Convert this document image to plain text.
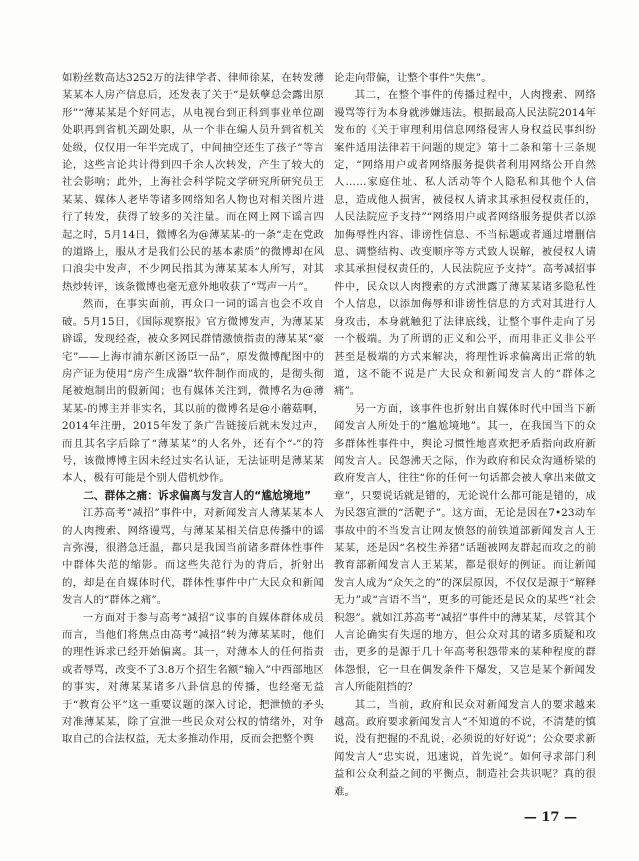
如粉丝数高达3252万的法律学者、律师徐某，在转发薄某某本人房产信息后，还发表了关于“是妖孽总会露出原形”“薄某某是个好同志，从电视台到正科到事业单位副处职再到省机关副处职，从一个非在编人员升到省机关处级，仅仅用一年半完成了，中间抽空还生了孩子”等言论，这些言论共计得到四千余人次转发，产生了较大的社会影响；此外，上海社会科学院文学研究所研究员王某某、媒体人老毕等诸多网络知名人物也对相关图片进行了转发，获得了较多的关注量。而在网上网下谣言四起之时，5月14日，微博名为@薄某某-的一条“走在党政的道路上，服从才是我们公民的基本素质”的微博却在风口浪尖中发声，不少网民指其为薄某某本人所写，对其热炒转评，该条微博也毫无意外地收获了“骂声一片”。

然而，在事实面前，再众口一词的谣言也会不攻自破。5月15日，《国际观察报》官方微博发声，为薄某某辟谣，发现经查，被众多网民群情激愤指责的薄某某“豪宅”——上海市浦东新区汤臣一品”，原发微博配图中的房产证为使用“房产生成器”软件制作而成的，是彻头彻尾被炮制出的假新闻；也有媒体关注到，微博名为@薄某某-的博主并非实名，其以前的微博名是@小蘑菇啊，2014年注册，2015年发了条广告链接后就未发过声，而且其名字后除了“薄某某”的人名外，还有个“-”的符号，该微博博主因未经过实名认证，无法证明是薄某某本人，极有可能是个别人借机炒作。

二、群体之痛：诉求偏离与发言人的“尴尬境地”

江苏高考“减招”事件中，对新闻发言人薄某某本人的人肉搜索、网络谩骂，与薄某某相关信息传播中的谣言弥漫，很潜急迁温，都只是我国当前诸多群体性事件中群体失范的缩影。而这些失范行为的背后，折射出的，却是在自媒体时代，群体性事件中广大民众和新闻发言人的“群体之痛”。

一方面对于参与高考“减招”议事的自媒体群体成员而言，当他们将焦点由高考“减招”转为薄某某时，他们的理性诉求已经开始偏离。其一，对薄本人的任何指责或者辱骂，改变不了3.8万个招生名额“输入”中西部地区的事实，对薄某某诸多八卦信息的传播，也经毫无益于“教育公平”这一重要议题的深入讨论，把泄愤的矛头对准薄某某，除了宣泄一些民众对公权的情绪外，对争取自己的合法权益，无太多推动作用，反而会把整个舆

论走向带偏，让整个事件“失焦”。

其二，在整个事件的传播过程中，人肉搜索、网络谩骂等行为本身就涉嫌违法。根据最高人民法院2014年发布的《关于审理利用信息网络侵害人身权益民事纠纷案件适用法律若干问题的规定》第十二条和第十三条规定，“网络用户或者网络服务提供者利用网络公开自然人……家庭住址、私人活动等个人隐私和其他个人信息，造成他人损害，被侵权人请求其承担侵权责任的，人民法院应予支持”“网络用户或者网络服务提供者以添加侮辱性内容、诽谤性信息、不当标题或者通过增删信息、调整结构、改变顺序等方式致人误解，被侵权人请求其承担侵权责任的，人民法院应予支持”。高考减招事件中，民众以人肉搜索的方式泄露了薄某某诸多隐私性个人信息，以添加侮辱和诽谤性信息的方式对其进行人身攻击，本身就触犯了法律底线，让整个事件走向了另一个极端。为了所谓的正义和公平，而用非正义非公平甚至是极端的方式来解决，将理性诉求偏离出正常的轨道，这不能不说是广大民众和新闻发言人的“群体之痛”。

另一方面，该事件也折射出自媒体时代中国当下新闻发言人所处于的“尴尬境地”。其一，在我国当下的众多群体性事件中，舆论习惯性地喜欢把矛盾指向政府新闻发言人。民怨沸天之际，作为政府和民众沟通桥梁的政府发言人，往往“你的任何一句话都会被人拿出来做文章”，只要说话就是错的，无论说什么都可能是错的，成为民怨宣泄的“活靶子”。这方面，无论是因在7•23动车事故中的不当发言让网友愤怒的前铁道部新闻发言人王某某，还是因“名校生养猪”话题被网友群起而攻之的前教育部新闻发言人王某某，都是很好的例证。而让新闻发言人成为“众矢之的”的深层原因，不仅仅是源于“解释无力”或“言语不当”，更多的可能还是民众的某些“社会积怨”。就如江苏高考“减招”事件中的薄某某，尽管其个人言论确实有失逞的地方，但公众对其的诸多质疑和攻击，更多的是源于几十年高考积怨带来的某种程度的群体怨恨，它一旦在偶发条件下爆发，又岂是某个新闻发言人所能阻挡的？

其二，当前，政府和民众对新闻发言人的要求越来越高。政府要求新闻发言人“不知道的不说，不清楚的慎说，没有把握的不乱说，必须说的好好说”；公众要求新闻发言人“忠实说，迅速说，首先说”。如何寻求部门利益和公众利益之间的平衡点，制造社会共识呢？真的很难。

— 17 —
